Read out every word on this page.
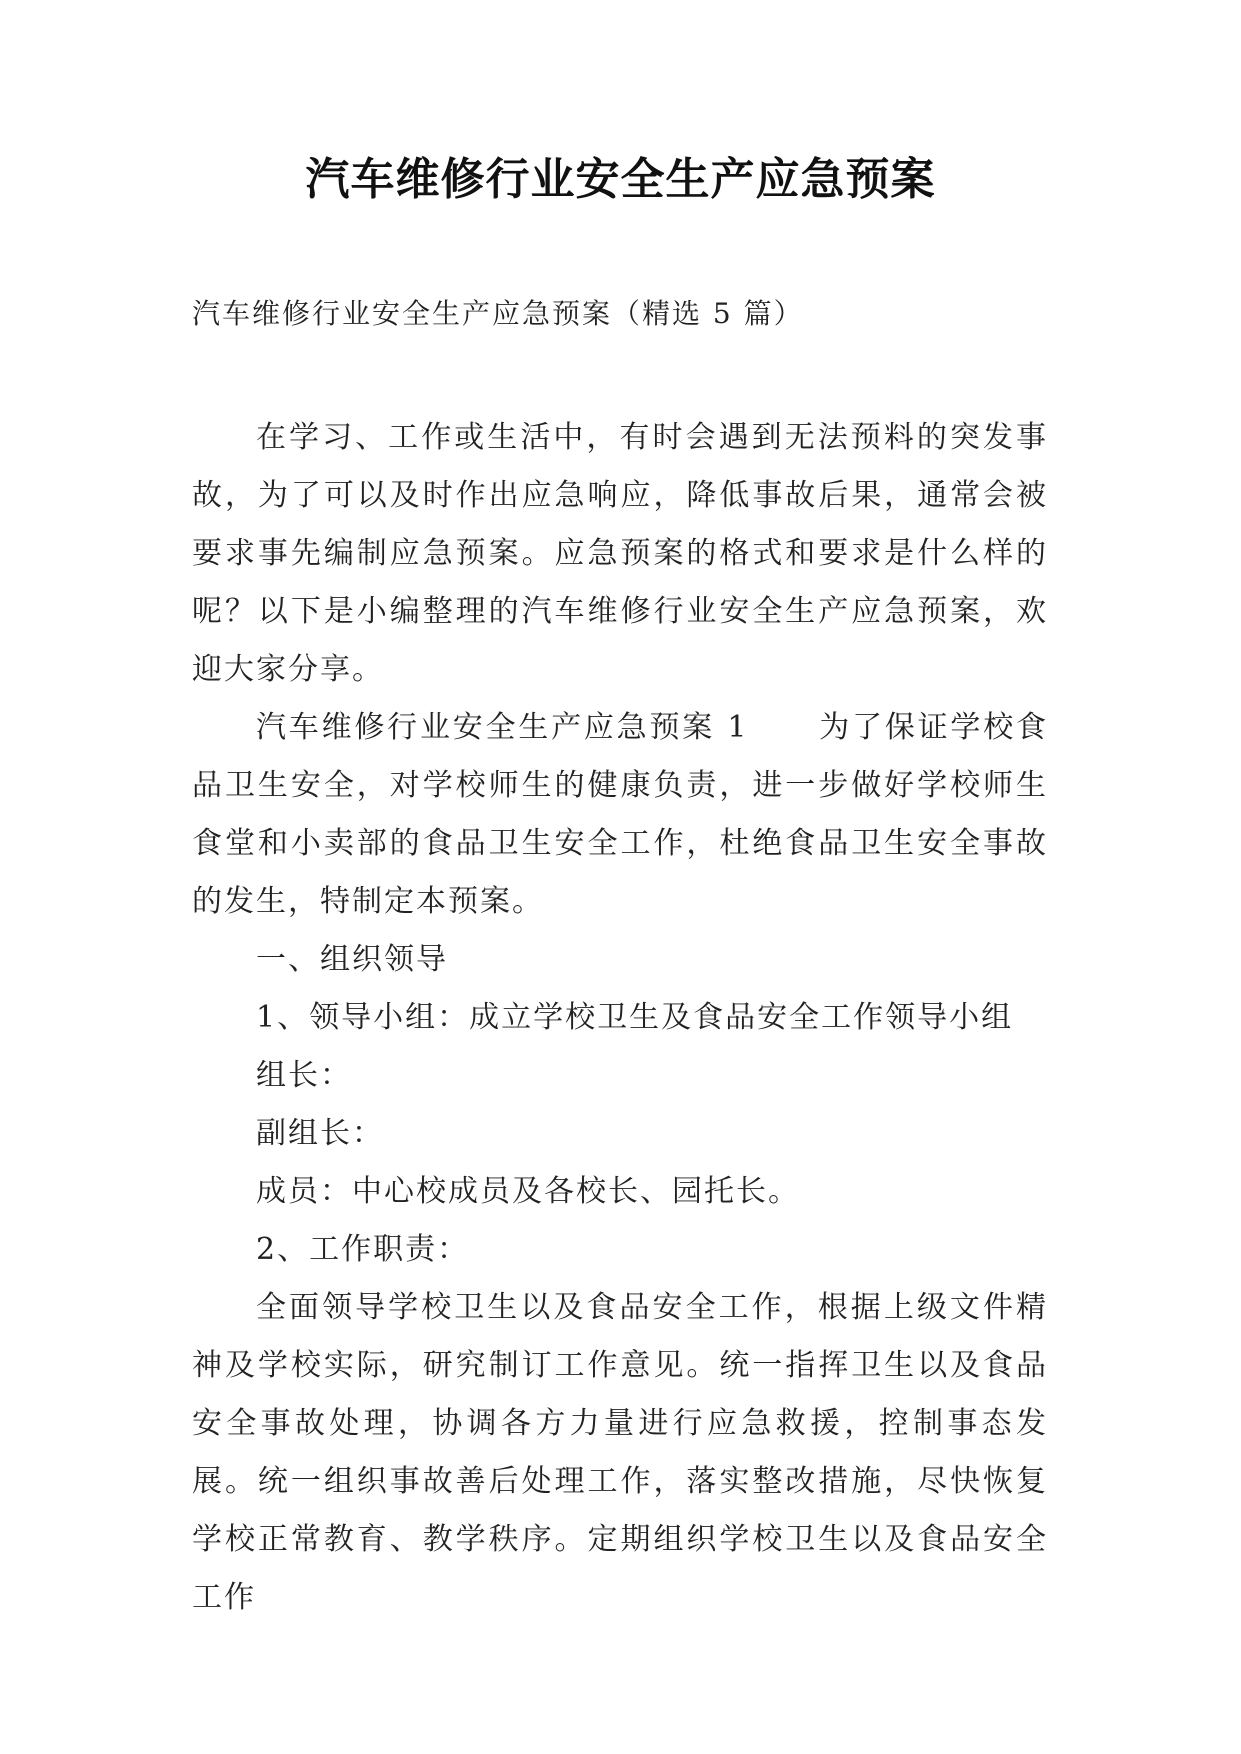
汽车维修行业安全生产应急预案
汽车维修行业安全生产应急预案（精选 5 篇）

在学习、工作或生活中，有时会遇到无法预料的突发事故，为了可以及时作出应急响应，降低事故后果，通常会被要求事先编制应急预案。应急预案的格式和要求是什么样的呢？以下是小编整理的汽车维修行业安全生产应急预案，欢迎大家分享。

汽车维修行业安全生产应急预案 1 为了保证学校食品卫生安全，对学校师生的健康负责，进一步做好学校师生食堂和小卖部的食品卫生安全工作，杜绝食品卫生安全事故的发生，特制定本预案。

一、组织领导

1、领导小组：成立学校卫生及食品安全工作领导小组

组长：

副组长：

成员：中心校成员及各校长、园托长。

2、工作职责：

全面领导学校卫生以及食品安全工作，根据上级文件精神及学校实际，研究制订工作意见。统一指挥卫生以及食品安全事故处理，协调各方力量进行应急救援，控制事态发展。统一组织事故善后处理工作，落实整改措施，尽快恢复学校正常教育、教学秩序。定期组织学校卫生以及食品安全工作
